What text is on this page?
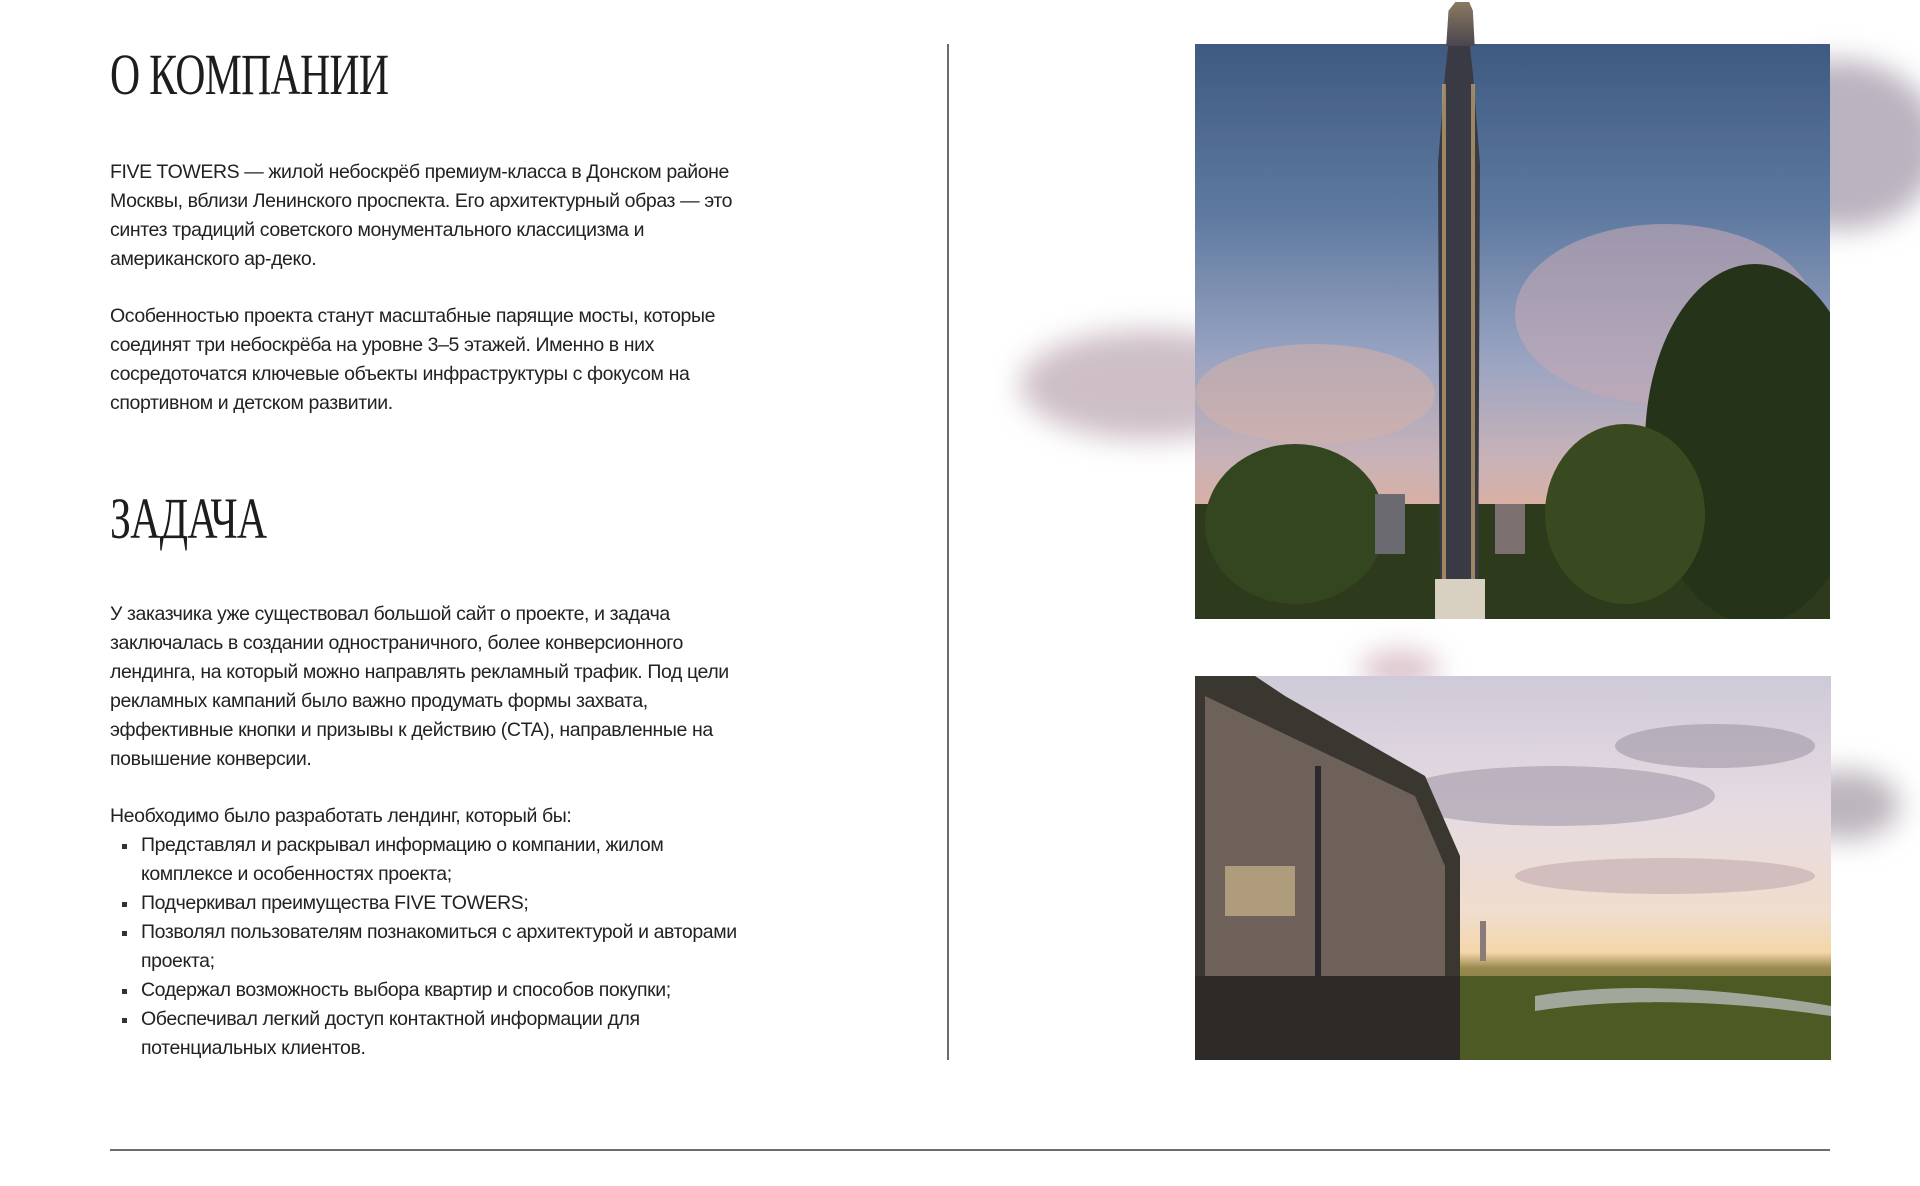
О КОМПАНИИ

FIVE TOWERS — жилой небоскрёб премиум-класса в Донском районе Москвы, вблизи Ленинского проспекта. Его архитектурный образ — это синтез традиций советского монументального классицизма и американского ар-деко.

Особенностью проекта станут масштабные парящие мосты, которые соединят три небоскрёба на уровне 3–5 этажей. Именно в них сосредоточатся ключевые объекты инфраструктуры с фокусом на спортивном и детском развитии.

ЗАДАЧА

У заказчика уже существовал большой сайт о проекте, и задача заключалась в создании одностраничного, более конверсионного лендинга, на который можно направлять рекламный трафик. Под цели рекламных кампаний было важно продумать формы захвата, эффективные кнопки и призывы к действию (CTA), направленные на повышение конверсии.

Необходимо было разработать лендинг, который бы:

Представлял и раскрывал информацию о компании, жилом комплексе и особенностях проекта;
Подчеркивал преимущества FIVE TOWERS;
Позволял пользователям познакомиться с архитектурой и авторами проекта;
Содержал возможность выбора квартир и способов покупки;
Обеспечивал легкий доступ контактной информации для потенциальных клиентов.
